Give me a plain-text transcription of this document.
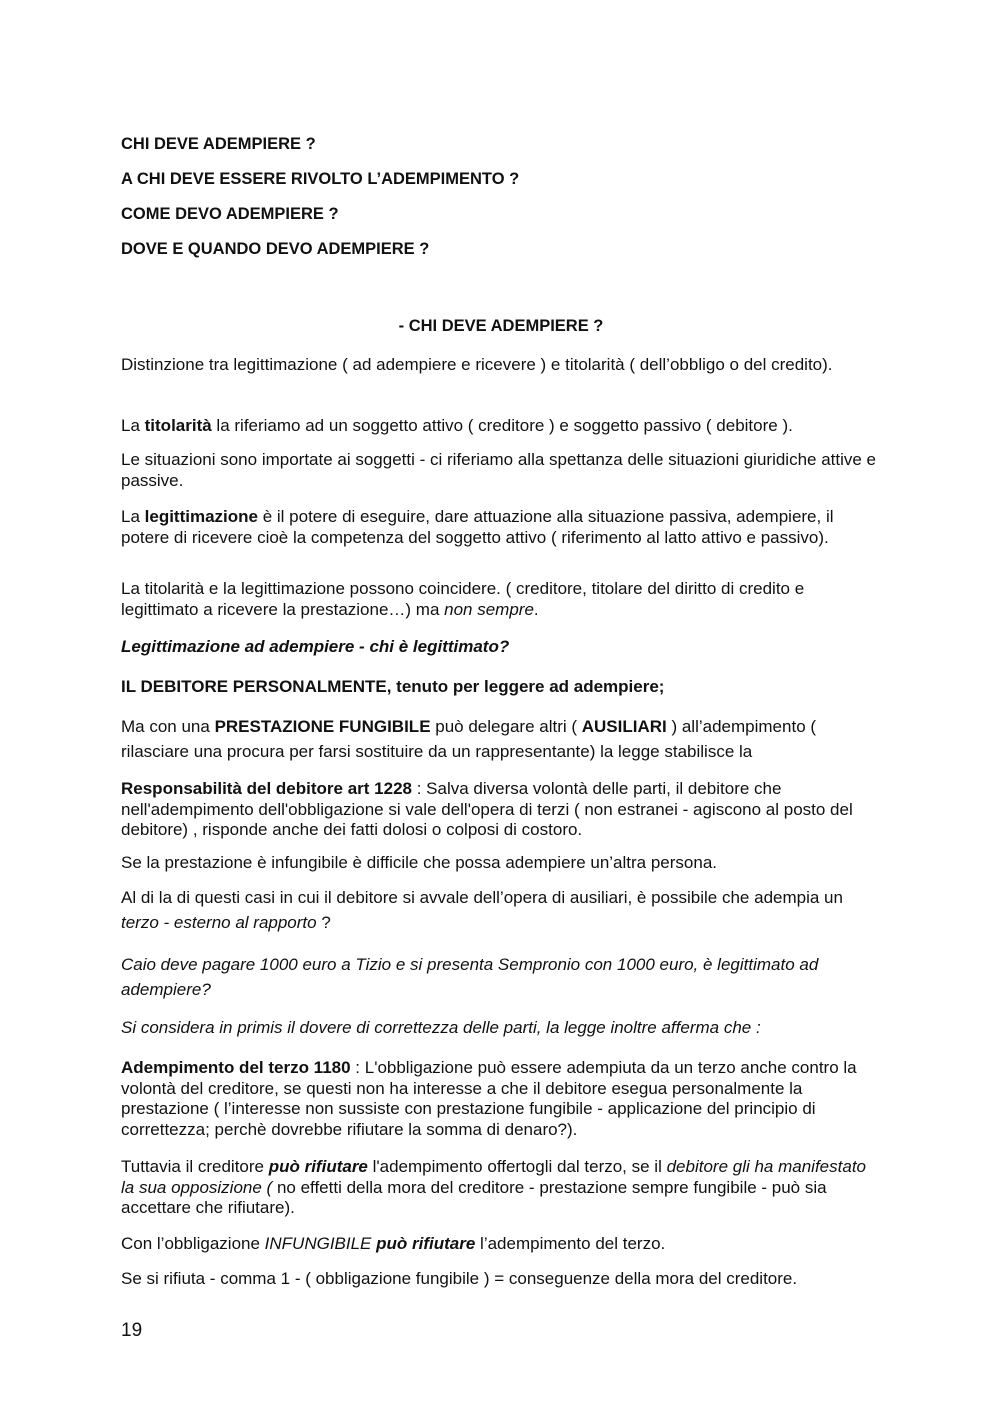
CHI DEVE ADEMPIERE ?
A CHI DEVE ESSERE RIVOLTO L’ADEMPIMENTO ?
COME DEVO ADEMPIERE ?
DOVE E QUANDO DEVO ADEMPIERE ?
- CHI DEVE ADEMPIERE ?
Distinzione tra legittimazione ( ad adempiere e ricevere ) e titolarità ( dell’obbligo o del credito).
La titolarità la riferiamo ad un soggetto attivo ( creditore ) e soggetto passivo ( debitore ).
Le situazioni sono importate ai soggetti - ci riferiamo alla spettanza delle situazioni giuridiche attive e passive.
La legittimazione è il potere di eseguire, dare attuazione alla situazione passiva, adempiere, il potere di ricevere cioè la competenza del soggetto attivo ( riferimento al latto attivo e passivo).
La titolarità e la legittimazione possono coincidere. ( creditore, titolare del diritto di credito e legittimato a ricevere la prestazione…) ma non sempre.
Legittimazione ad adempiere - chi è legittimato?
IL DEBITORE PERSONALMENTE, tenuto per leggere ad adempiere;
Ma con una PRESTAZIONE FUNGIBILE può delegare altri ( AUSILIARI ) all’adempimento ( rilasciare una procura per farsi sostituire da un rappresentante) la legge stabilisce la
Responsabilità del debitore art 1228 : Salva diversa volontà delle parti, il debitore che nell'adempimento dell'obbligazione si vale dell'opera di terzi ( non estranei - agiscono al posto del debitore) , risponde anche dei fatti dolosi o colposi di costoro.
Se la prestazione è infungibile è difficile che possa adempiere un’altra persona.
Al di la di questi casi in cui il debitore si avvale dell’opera di ausiliari, è possibile che adempia un terzo - esterno al rapporto ?
Caio deve pagare 1000 euro a Tizio e si presenta Sempronio con 1000 euro, è legittimato ad adempiere?
Si considera in primis il dovere di correttezza delle parti, la legge inoltre afferma che :
Adempimento del terzo 1180 : L'obbligazione può essere adempiuta da un terzo anche contro la volontà del creditore, se questi non ha interesse a che il debitore esegua personalmente la prestazione ( l’interesse non sussiste con prestazione fungibile - applicazione del principio di correttezza; perchè dovrebbe rifiutare la somma di denaro?).
Tuttavia il creditore può rifiutare l'adempimento offertogli dal terzo, se il debitore gli ha manifestato la sua opposizione ( no effetti della mora del creditore - prestazione sempre fungibile - può sia accettare che rifiutare).
Con l’obbligazione INFUNGIBILE può rifiutare l’adempimento del terzo.
Se si rifiuta - comma 1 - ( obbligazione fungibile ) = conseguenze della mora del creditore.
19
